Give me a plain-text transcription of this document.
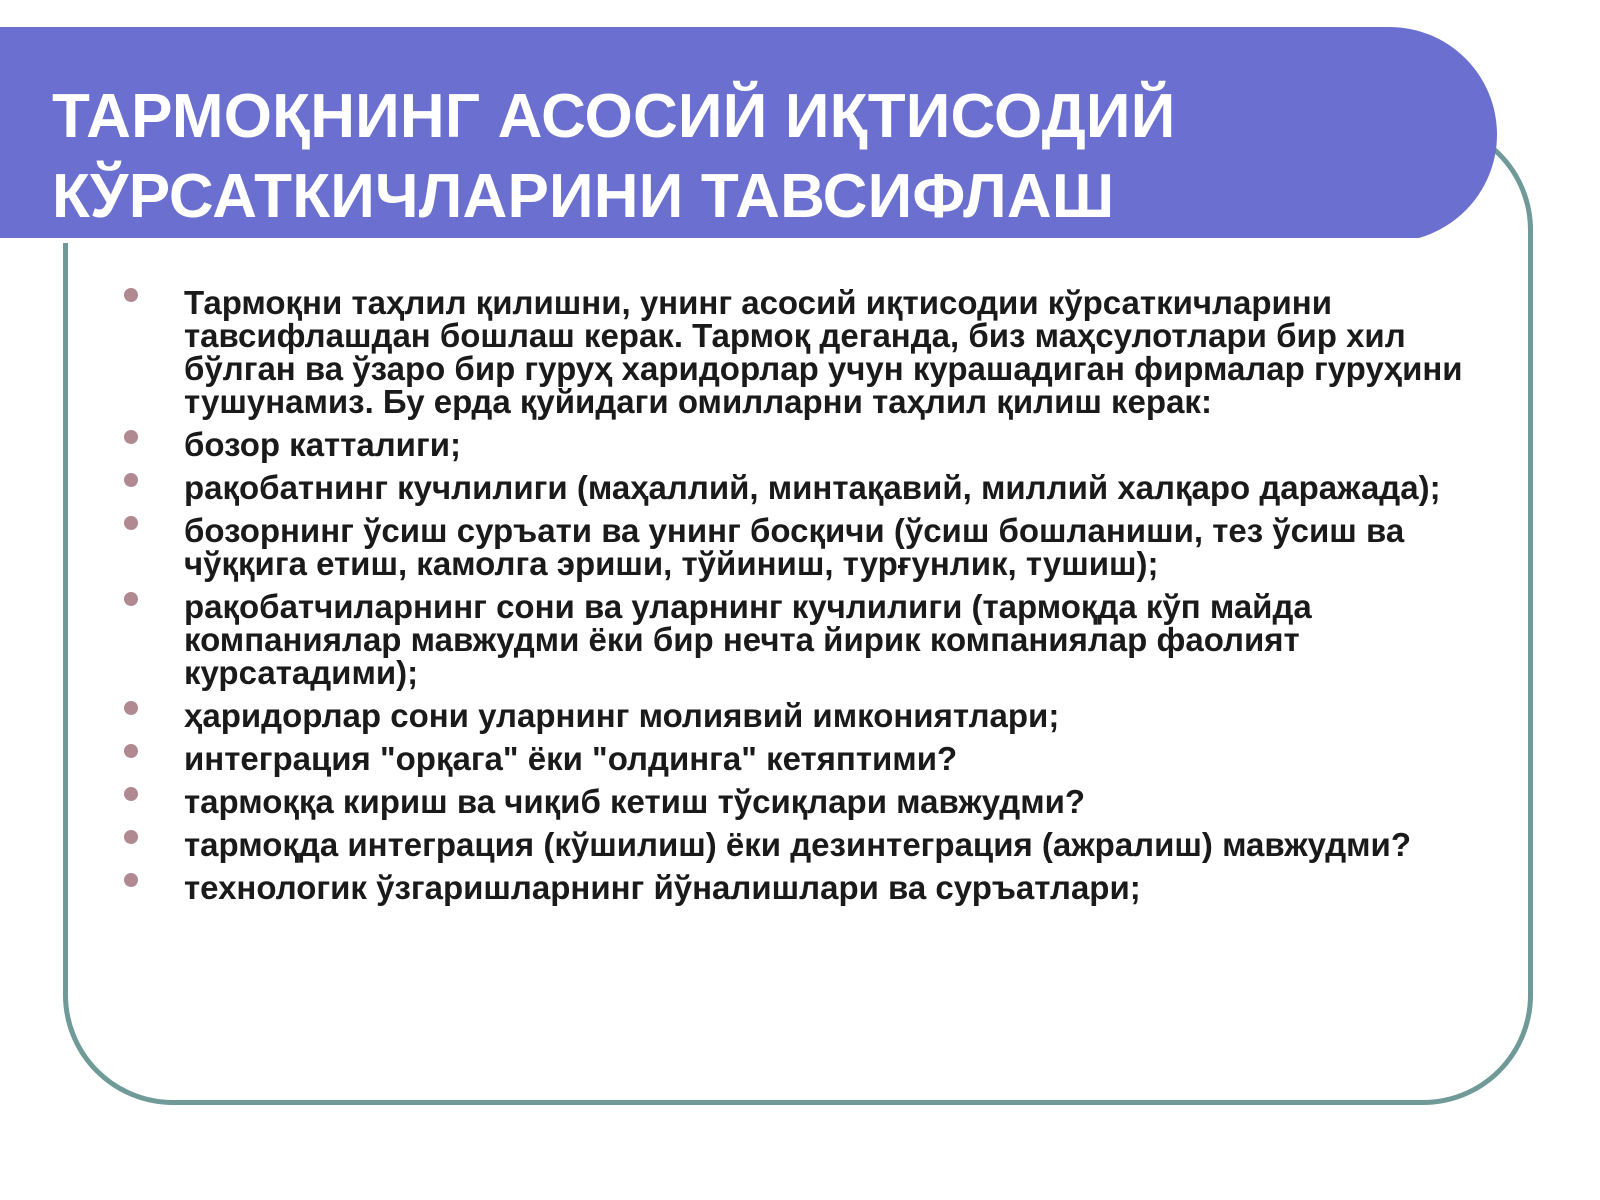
ТАРМОҚНИНГ АСОСИЙ ИҚТИСОДИЙ
КЎРСАТКИЧЛАРИНИ ТАВСИФЛАШ
Тармоқни таҳлил қилишни, унинг асосий иқтисодии кўрсаткичларини тавсифлашдан бошлаш керак. Тармоқ деганда, биз маҳсулотлари бир хил бўлган ва ўзаро бир гуруҳ харидорлар учун курашадиган фирмалар гуруҳини тушунамиз. Бу ерда қуйидаги омилларни таҳлил қилиш керак:
бозор катталиги;
рақобатнинг кучлилиги (маҳаллий, минтақавий, миллий халқаро даражада);
бозорнинг ўсиш суръати ва унинг босқичи (ўсиш бошланиши, тез ўсиш ва чўққига етиш, камолга эриши, тўйиниш, турғунлик, тушиш);
рақобатчиларнинг сони ва уларнинг кучлилиги (тармоқда кўп майда компаниялар мавжудми ёки бир нечта йирик компаниялар фаолият курсатадими);
ҳаридорлар сони уларнинг молиявий имкониятлари;
интеграция "орқага" ёки "олдинга" кетяптими?
тармоққа кириш ва чиқиб кетиш тўсиқлари мавжудми?
тармоқда интеграция (кўшилиш) ёки дезинтеграция (ажралиш) мавжудми?
технологик ўзгаришларнинг йўналишлари ва суръатлари;
